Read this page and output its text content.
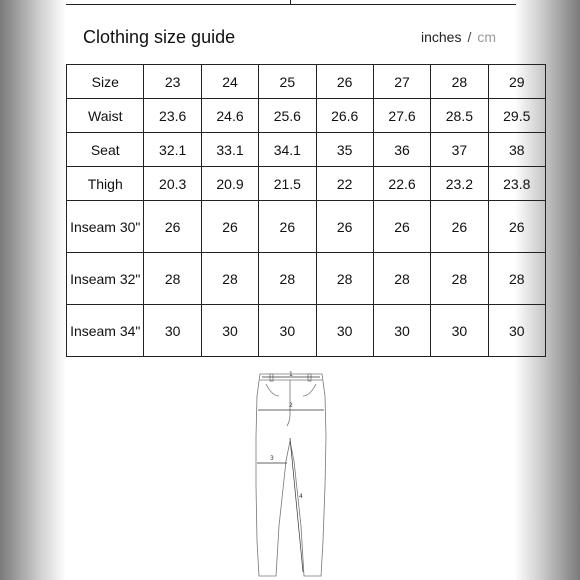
Clothing size guide	inches / cm
Size	23	24	25	26	27	28	29
Waist	23.6	24.6	25.6	26.6	27.6	28.5	29.5
Seat	32.1	33.1	34.1	35	36	37	38
Thigh	20.3	20.9	21.5	22	22.6	23.2	23.8
Inseam 30"	26	26	26	26	26	26	26
Inseam 32"	28	28	28	28	28	28	28
Inseam 34"	30	30	30	30	30	30	30
1
2
3
4
